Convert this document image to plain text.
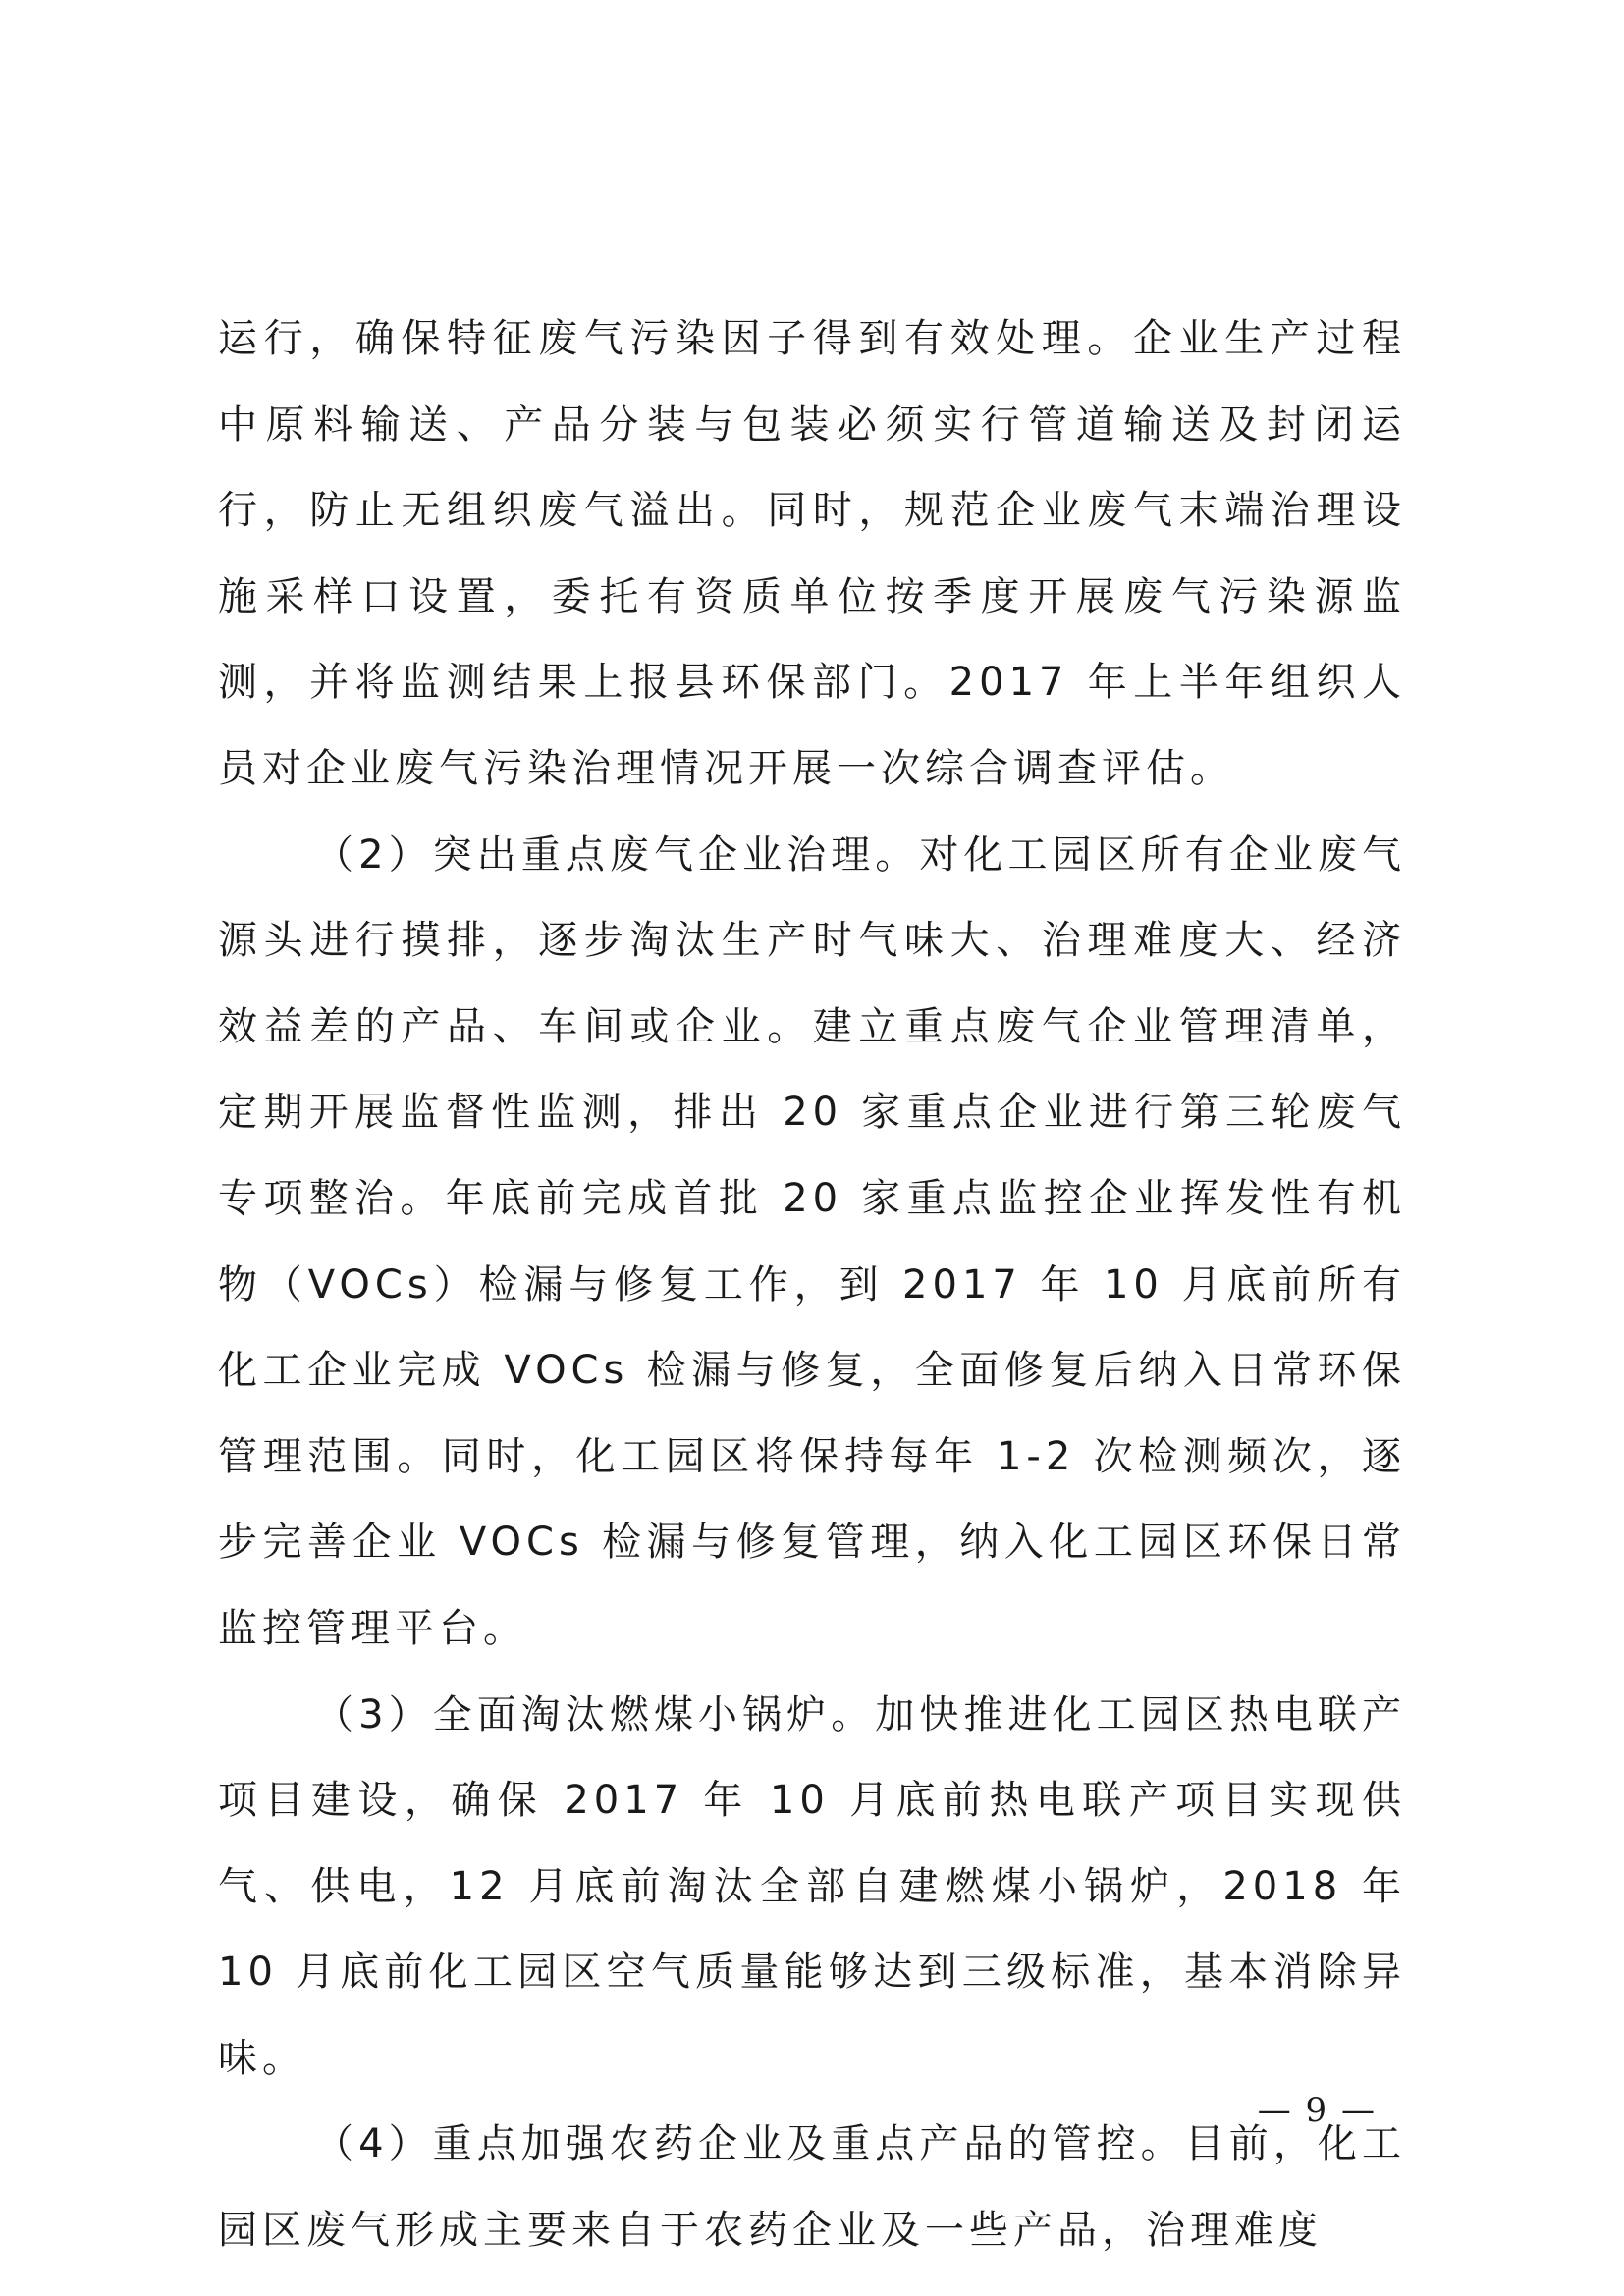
运行，确保特征废气污染因子得到有效处理。企业生产过程中原料输送、产品分装与包装必须实行管道输送及封闭运行，防止无组织废气溢出。同时，规范企业废气末端治理设施采样口设置，委托有资质单位按季度开展废气污染源监测，并将监测结果上报县环保部门。2017 年上半年组织人员对企业废气污染治理情况开展一次综合调查评估。

（2）突出重点废气企业治理。对化工园区所有企业废气源头进行摸排，逐步淘汰生产时气味大、治理难度大、经济效益差的产品、车间或企业。建立重点废气企业管理清单，定期开展监督性监测，排出 20 家重点企业进行第三轮废气专项整治。年底前完成首批 20 家重点监控企业挥发性有机物（VOCs）检漏与修复工作，到 2017 年 10 月底前所有化工企业完成 VOCs 检漏与修复，全面修复后纳入日常环保管理范围。同时，化工园区将保持每年 1-2 次检测频次，逐步完善企业 VOCs 检漏与修复管理，纳入化工园区环保日常监控管理平台。

（3）全面淘汰燃煤小锅炉。加快推进化工园区热电联产项目建设，确保 2017 年 10 月底前热电联产项目实现供气、供电，12 月底前淘汰全部自建燃煤小锅炉，2018 年 10 月底前化工园区空气质量能够达到三级标准，基本消除异味。

（4）重点加强农药企业及重点产品的管控。目前，化工园区废气形成主要来自于农药企业及一些产品，治理难度

— 9 —
